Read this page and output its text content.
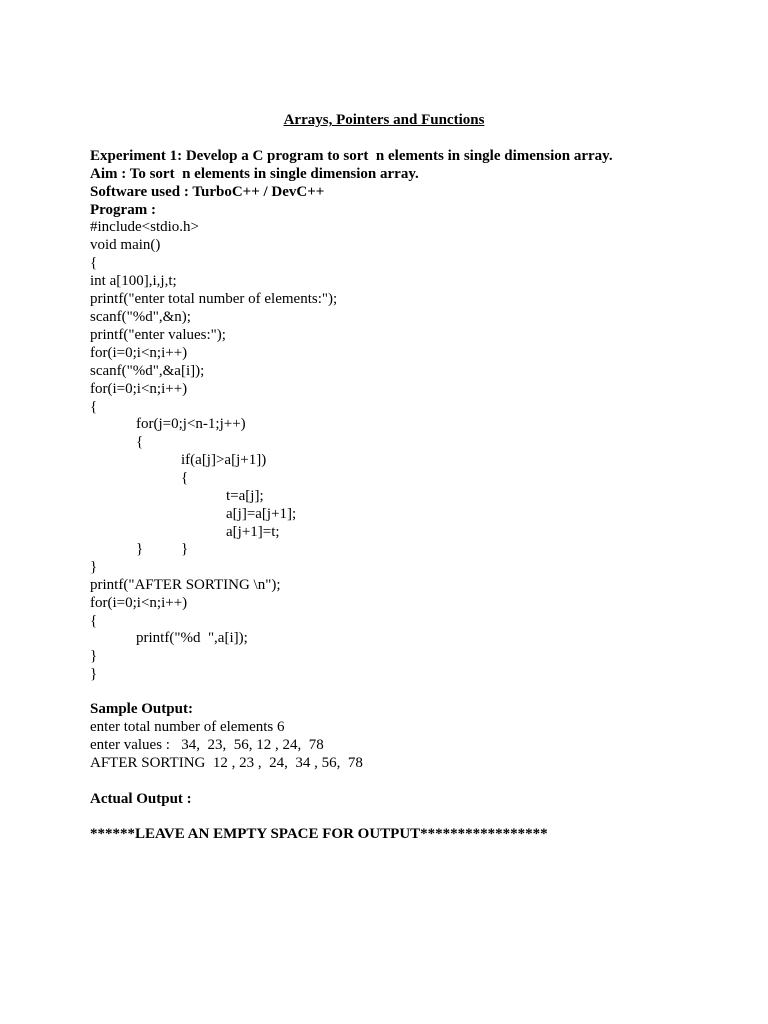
Arrays, Pointers and Functions
Experiment 1: Develop a C program to sort  n elements in single dimension array.
Aim : To sort  n elements in single dimension array.
Software used : TurboC++ / DevC++
Program :
#include<stdio.h>
void main()
{
int a[100],i,j,t;
printf("enter total number of elements:");
scanf("%d",&n);
printf("enter values:");
for(i=0;i<n;i++)
scanf("%d",&a[i]);
for(i=0;i<n;i++)
{
for(j=0;j<n-1;j++)
{
if(a[j]>a[j+1])
{
t=a[j];
a[j]=a[j+1];
a[j+1]=t;
}	}
}
printf("AFTER SORTING \n");
for(i=0;i<n;i++)
{
printf("%d  ",a[i]);
}
}
Sample Output:
enter total number of elements 6
enter values :   34,  23,  56, 12 , 24,  78
AFTER SORTING  12 , 23 ,  24,  34 , 56,  78
Actual Output :
******LEAVE AN EMPTY SPACE FOR OUTPUT*****************
